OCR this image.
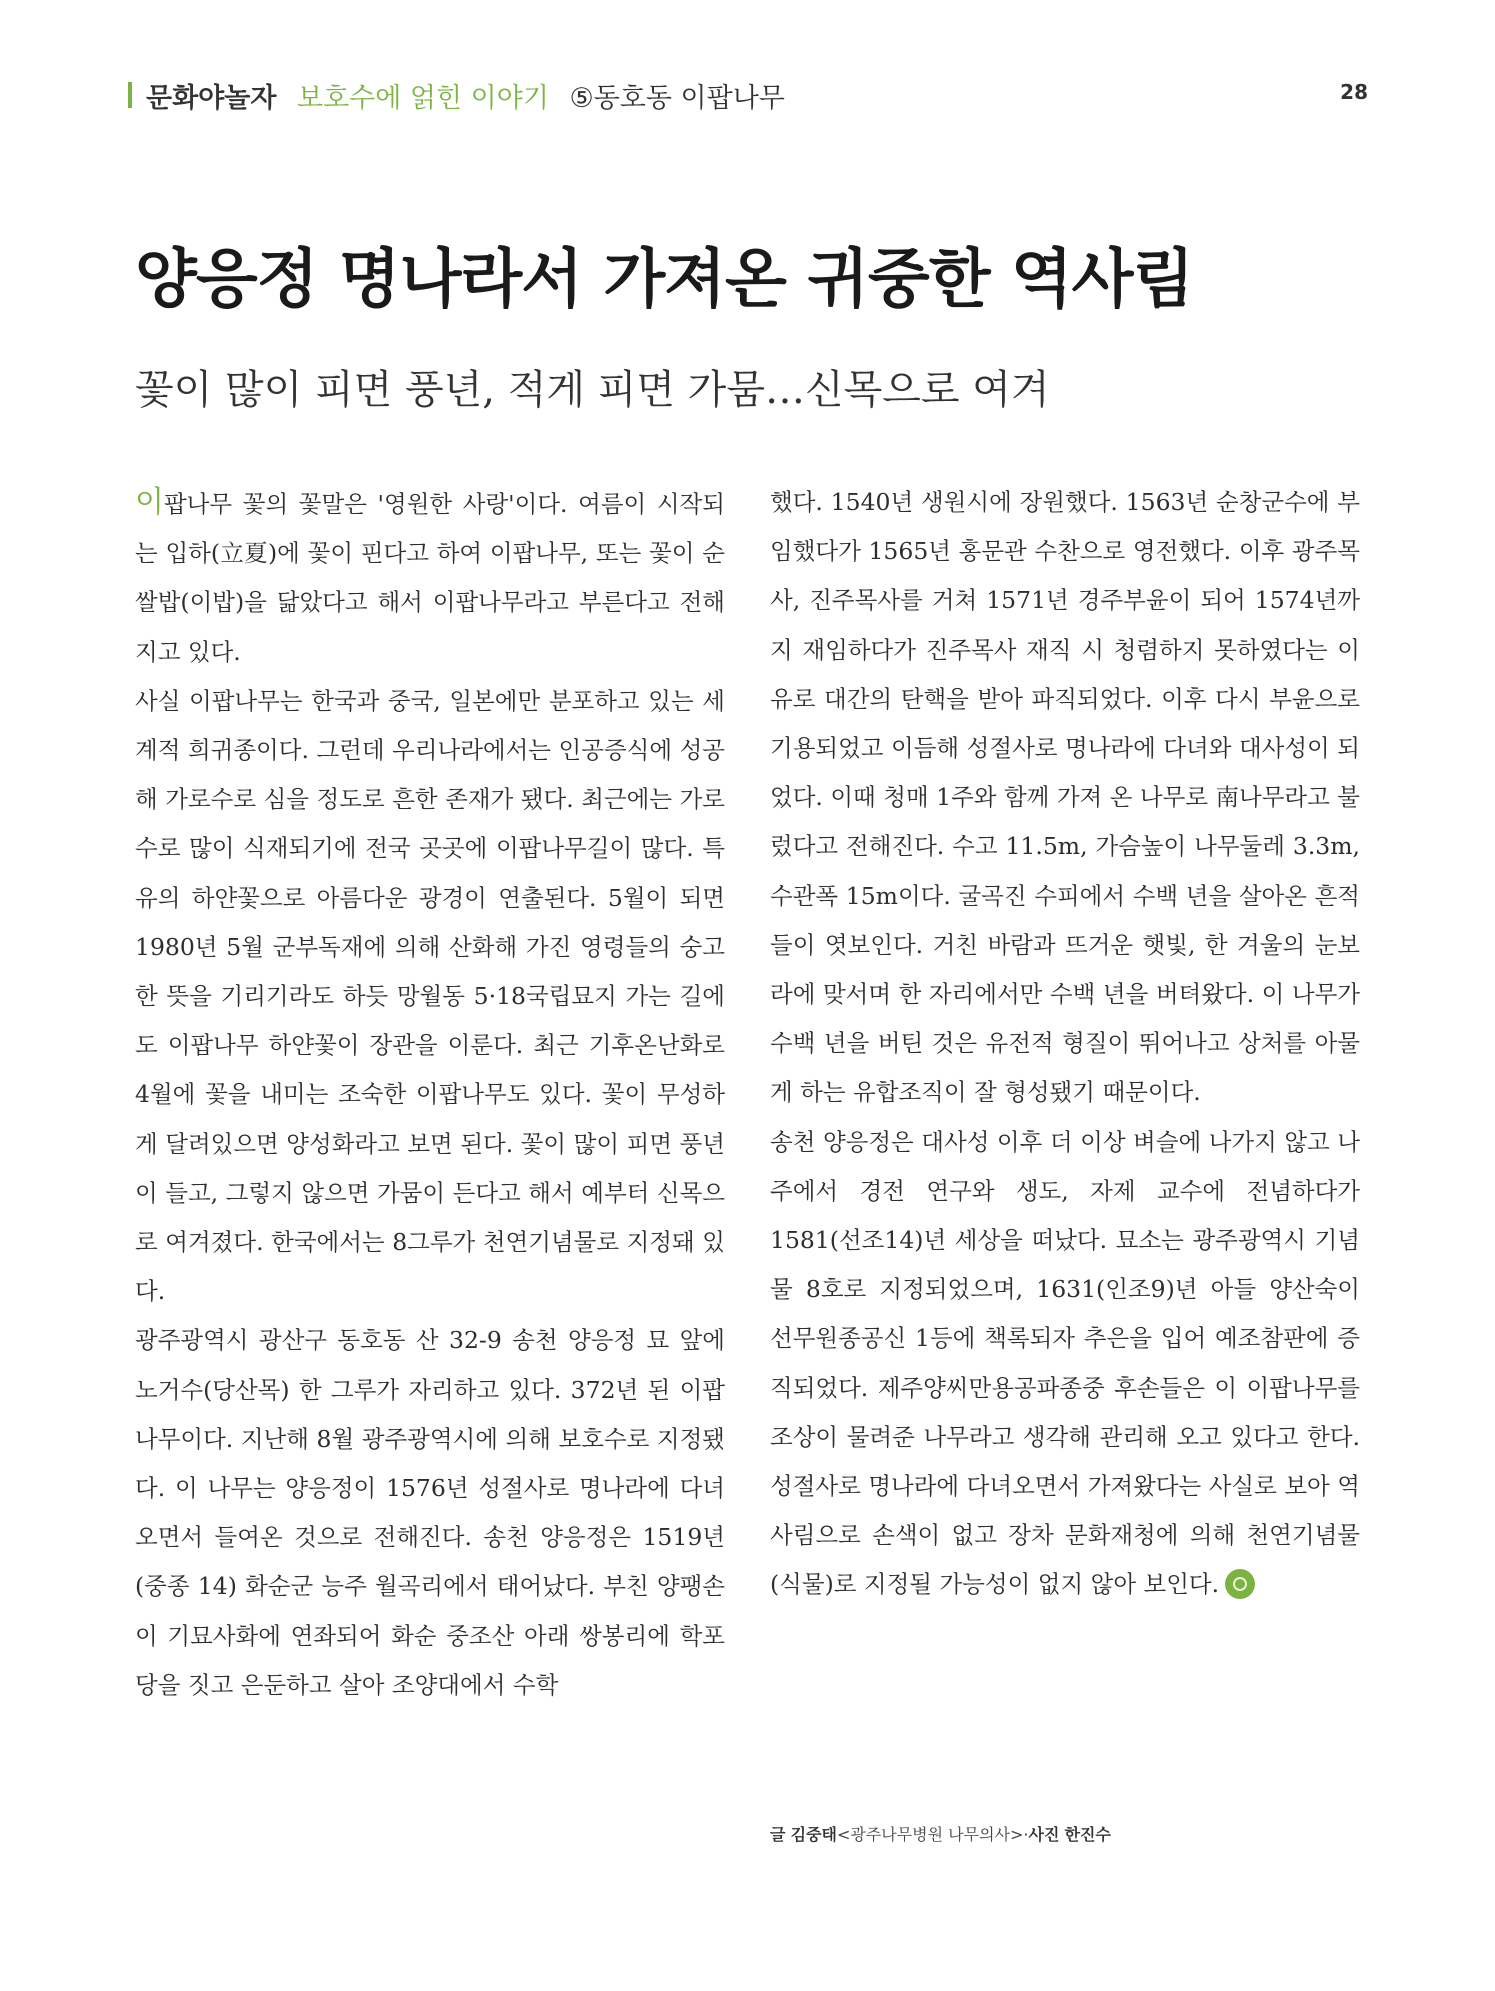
문화야놀자 보호수에 얽힌 이야기 ⑤동호동 이팝나무	28
양응정 명나라서 가져온 귀중한 역사림
꽃이 많이 피면 풍년, 적게 피면 가뭄…신목으로 여겨

이팝나무 꽃의 꽃말은 '영원한 사랑'이다. 여름이 시작되는 입하(立夏)에 꽃이 핀다고 하여 이팝나무, 또는 꽃이 순쌀밥(이밥)을 닮았다고 해서 이팝나무라고 부른다고 전해지고 있다.

사실 이팝나무는 한국과 중국, 일본에만 분포하고 있는 세계적 희귀종이다. 그런데 우리나라에서는 인공증식에 성공해 가로수로 심을 정도로 흔한 존재가 됐다. 최근에는 가로수로 많이 식재되기에 전국 곳곳에 이팝나무길이 많다. 특유의 하얀꽃으로 아름다운 광경이 연출된다. 5월이 되면 1980년 5월 군부독재에 의해 산화해 가진 영령들의 숭고한 뜻을 기리기라도 하듯 망월동 5·18국립묘지 가는 길에도 이팝나무 하얀꽃이 장관을 이룬다. 최근 기후온난화로 4월에 꽃을 내미는 조숙한 이팝나무도 있다. 꽃이 무성하게 달려있으면 양성화라고 보면 된다. 꽃이 많이 피면 풍년이 들고, 그렇지 않으면 가뭄이 든다고 해서 예부터 신목으로 여겨졌다. 한국에서는 8그루가 천연기념물로 지정돼 있다.

광주광역시 광산구 동호동 산 32-9 송천 양응정 묘 앞에 노거수(당산목) 한 그루가 자리하고 있다. 372년 된 이팝나무이다. 지난해 8월 광주광역시에 의해 보호수로 지정됐다. 이 나무는 양응정이 1576년 성절사로 명나라에 다녀오면서 들여온 것으로 전해진다. 송천 양응정은 1519년(중종 14) 화순군 능주 월곡리에서 태어났다. 부친 양팽손이 기묘사화에 연좌되어 화순 중조산 아래 쌍봉리에 학포당을 짓고 은둔하고 살아 조양대에서 수학

했다. 1540년 생원시에 장원했다. 1563년 순창군수에 부임했다가 1565년 홍문관 수찬으로 영전했다. 이후 광주목사, 진주목사를 거쳐 1571년 경주부윤이 되어 1574년까지 재임하다가 진주목사 재직 시 청렴하지 못하였다는 이유로 대간의 탄핵을 받아 파직되었다. 이후 다시 부윤으로 기용되었고 이듬해 성절사로 명나라에 다녀와 대사성이 되었다. 이때 청매 1주와 함께 가져 온 나무로 南나무라고 불렀다고 전해진다. 수고 11.5m, 가슴높이 나무둘레 3.3m, 수관폭 15m이다. 굴곡진 수피에서 수백 년을 살아온 흔적들이 엿보인다. 거친 바람과 뜨거운 햇빛, 한 겨울의 눈보라에 맞서며 한 자리에서만 수백 년을 버텨왔다. 이 나무가 수백 년을 버틴 것은 유전적 형질이 뛰어나고 상처를 아물게 하는 유합조직이 잘 형성됐기 때문이다.

송천 양응정은 대사성 이후 더 이상 벼슬에 나가지 않고 나주에서 경전 연구와 생도, 자제 교수에 전념하다가 1581(선조14)년 세상을 떠났다. 묘소는 광주광역시 기념물 8호로 지정되었으며, 1631(인조9)년 아들 양산숙이 선무원종공신 1등에 책록되자 추은을 입어 예조참판에 증직되었다. 제주양씨만용공파종중 후손들은 이 이팝나무를 조상이 물려준 나무라고 생각해 관리해 오고 있다고 한다. 성절사로 명나라에 다녀오면서 가져왔다는 사실로 보아 역사림으로 손색이 없고 장차 문화재청에 의해 천연기념물(식물)로 지정될 가능성이 없지 않아 보인다.

글 김중태<광주나무병원 나무의사>·사진 한진수
